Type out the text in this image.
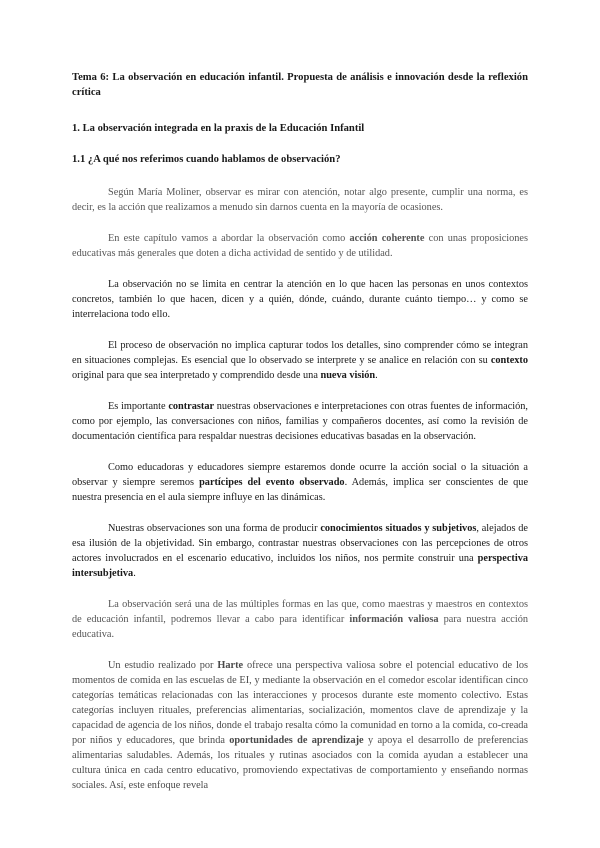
Tema 6: La observación en educación infantil. Propuesta de análisis e innovación desde la reflexión crítica
1. La observación integrada en la praxis de la Educación Infantil
1.1 ¿A qué nos referimos cuando hablamos de observación?

Según María Moliner, observar es mirar con atención, notar algo presente, cumplir una norma, es decir, es la acción que realizamos a menudo sin darnos cuenta en la mayoría de ocasiones.

En este capítulo vamos a abordar la observación como acción coherente con unas proposiciones educativas más generales que doten a dicha actividad de sentido y de utilidad.

La observación no se limita en centrar la atención en lo que hacen las personas en unos contextos concretos, también lo que hacen, dicen y a quién, dónde, cuándo, durante cuánto tiempo… y como se interrelaciona todo ello.

El proceso de observación no implica capturar todos los detalles, sino comprender cómo se integran en situaciones complejas. Es esencial que lo observado se interprete y se analice en relación con su contexto original para que sea interpretado y comprendido desde una nueva visión.

Es importante contrastar nuestras observaciones e interpretaciones con otras fuentes de información, como por ejemplo, las conversaciones con niños, familias y compañeros docentes, así como la revisión de documentación científica para respaldar nuestras decisiones educativas basadas en la observación.

Como educadoras y educadores siempre estaremos donde ocurre la acción social o la situación a observar y siempre seremos partícipes del evento observado. Además, implica ser conscientes de que nuestra presencia en el aula siempre influye en las dinámicas.

Nuestras observaciones son una forma de producir conocimientos situados y subjetivos, alejados de esa ilusión de la objetividad. Sin embargo, contrastar nuestras observaciones con las percepciones de otros actores involucrados en el escenario educativo, incluidos los niños, nos permite construir una perspectiva intersubjetiva.

La observación será una de las múltiples formas en las que, como maestras y maestros en contextos de educación infantil, podremos llevar a cabo para identificar información valiosa para nuestra acción educativa.

Un estudio realizado por Harte ofrece una perspectiva valiosa sobre el potencial educativo de los momentos de comida en las escuelas de EI, y mediante la observación en el comedor escolar identifican cinco categorías temáticas relacionadas con las interacciones y procesos durante este momento colectivo. Estas categorías incluyen rituales, preferencias alimentarias, socialización, momentos clave de aprendizaje y la capacidad de agencia de los niños, donde el trabajo resalta cómo la comunidad en torno a la comida, co-creada por niños y educadores, que brinda oportunidades de aprendizaje y apoya el desarrollo de preferencias alimentarias saludables. Además, los rituales y rutinas asociados con la comida ayudan a establecer una cultura única en cada centro educativo, promoviendo expectativas de comportamiento y enseñando normas sociales. Así, este enfoque revela
